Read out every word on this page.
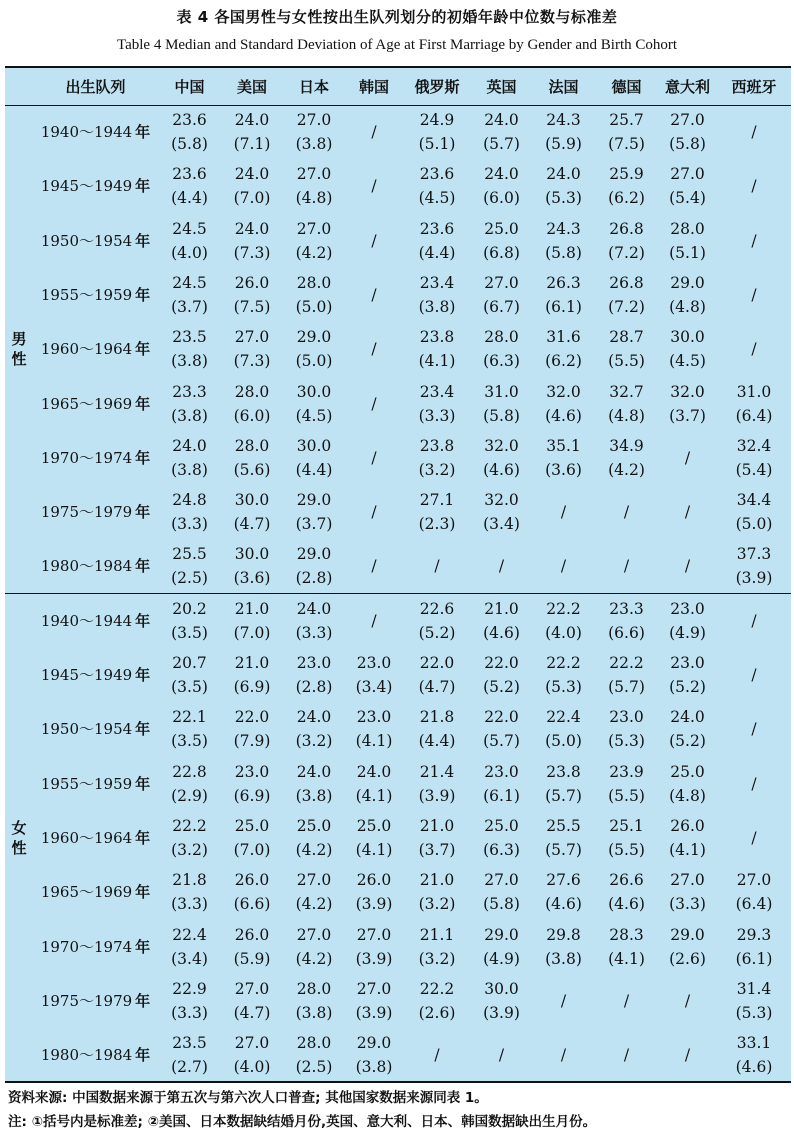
表 4 各国男性与女性按出生队列划分的初婚年龄中位数与标准差
Table 4 Median and Standard Deviation of Age at First Marriage by Gender and Birth Cohort
	出生队列	中国	美国	日本	韩国	俄罗斯	英国	法国	德国	意大利	西班牙
男性	1940～1944 年	23.6
(5.8)	24.0
(7.1)	27.0
(3.8)	/	24.9
(5.1)	24.0
(5.7)	24.3
(5.9)	25.7
(7.5)	27.0
(5.8)	/

	1945～1949 年	23.6
(4.4)	24.0
(7.0)	27.0
(4.8)	/	23.6
(4.5)	24.0
(6.0)	24.0
(5.3)	25.9
(6.2)	27.0
(5.4)	/

	1950～1954 年	24.5
(4.0)	24.0
(7.3)	27.0
(4.2)	/	23.6
(4.4)	25.0
(6.8)	24.3
(5.8)	26.8
(7.2)	28.0
(5.1)	/

	1955～1959 年	24.5
(3.7)	26.0
(7.5)	28.0
(5.0)	/	23.4
(3.8)	27.0
(6.7)	26.3
(6.1)	26.8
(7.2)	29.0
(4.8)	/

	1960～1964 年	23.5
(3.8)	27.0
(7.3)	29.0
(5.0)	/	23.8
(4.1)	28.0
(6.3)	31.6
(6.2)	28.7
(5.5)	30.0
(4.5)	/

	1965～1969 年	23.3
(3.8)	28.0
(6.0)	30.0
(4.5)	/	23.4
(3.3)	31.0
(5.8)	32.0
(4.6)	32.7
(4.8)	32.0
(3.7)	31.0
(6.4)

	1970～1974 年	24.0
(3.8)	28.0
(5.6)	30.0
(4.4)	/	23.8
(3.2)	32.0
(4.6)	35.1
(3.6)	34.9
(4.2)	/	32.4
(5.4)

	1975～1979 年	24.8
(3.3)	30.0
(4.7)	29.0
(3.7)	/	27.1
(2.3)	32.0
(3.4)	/	/	/	34.4
(5.0)

	1980～1984 年	25.5
(2.5)	30.0
(3.6)	29.0
(2.8)	/	/	/	/	/	/	37.3
(3.9)

女性	1940～1944 年	20.2
(3.5)	21.0
(7.0)	24.0
(3.3)	/	22.6
(5.2)	21.0
(4.6)	22.2
(4.0)	23.3
(6.6)	23.0
(4.9)	/

	1945～1949 年	20.7
(3.5)	21.0
(6.9)	23.0
(2.8)	23.0
(3.4)	22.0
(4.7)	22.0
(5.2)	22.2
(5.3)	22.2
(5.7)	23.0
(5.2)	/

	1950～1954 年	22.1
(3.5)	22.0
(7.9)	24.0
(3.2)	23.0
(4.1)	21.8
(4.4)	22.0
(5.7)	22.4
(5.0)	23.0
(5.3)	24.0
(5.2)	/

	1955～1959 年	22.8
(2.9)	23.0
(6.9)	24.0
(3.8)	24.0
(4.1)	21.4
(3.9)	23.0
(6.1)	23.8
(5.7)	23.9
(5.5)	25.0
(4.8)	/

	1960～1964 年	22.2
(3.2)	25.0
(7.0)	25.0
(4.2)	25.0
(4.1)	21.0
(3.7)	25.0
(6.3)	25.5
(5.7)	25.1
(5.5)	26.0
(4.1)	/

	1965～1969 年	21.8
(3.3)	26.0
(6.6)	27.0
(4.2)	26.0
(3.9)	21.0
(3.2)	27.0
(5.8)	27.6
(4.6)	26.6
(4.6)	27.0
(3.3)	27.0
(6.4)

	1970～1974 年	22.4
(3.4)	26.0
(5.9)	27.0
(4.2)	27.0
(3.9)	21.1
(3.2)	29.0
(4.9)	29.8
(3.8)	28.3
(4.1)	29.0
(2.6)	29.3
(6.1)

	1975～1979 年	22.9
(3.3)	27.0
(4.7)	28.0
(3.8)	27.0
(3.9)	22.2
(2.6)	30.0
(3.9)	/	/	/	31.4
(5.3)

	1980～1984 年	23.5
(2.7)	27.0
(4.0)	28.0
(2.5)	29.0
(3.8)	/	/	/	/	/	33.1
(4.6)
资料来源: 中国数据来源于第五次与第六次人口普查; 其他国家数据来源同表 1。
注: ①括号内是标准差; ②美国、日本数据缺结婚月份,英国、意大利、日本、韩国数据缺出生月份。
